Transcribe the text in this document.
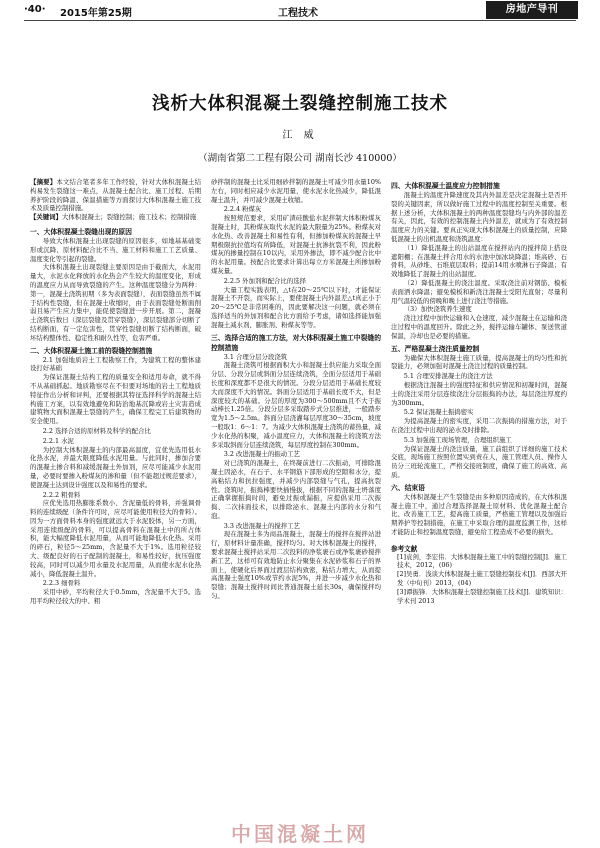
·40· 2015年第25期	工程技术	房地产导刊
浅析大体积混凝土裂缝控制施工技术
江 威
（湖南省第二工程有限公司 湖南长沙 410000）

【摘要】本文结合笔者多年工作经验，针对大体积混凝土结构易发生裂缝这一难点，从混凝土配合比、施工过程、后期养护阶段的降温、保温措施等方面探讨大体积混凝土施工技术及质量控制措施。

【关键词】大体积混凝土；裂缝控制；施工技术；控制措施

一、大体积混凝土裂缝出现的原因

导致大体积混凝土出现裂缝的原因很多，如地基基础变形或沉降、原材料配合比不当、施工材料和施工工艺质量、温度变化等引起的裂缝。

大体积混凝土出现裂缝主要原因是由于截面大，水泥用量大，水泥水化释放的水化热会产生较大的温度变化，形成的温度应力从而导致裂缝的产生。这种温度裂缝分为两种：第一，混凝土浇筑初期（多为表面裂缝），表面裂缝虽然不属于结构性裂缝，但在混凝土收缩时，由于表面裂缝处断面削弱且易产生应力集中，能促使裂缝进一步开展。第二，混凝土浇筑后数日（深层裂缝及贯穿裂缝），深层裂缝部分切断了结构断面，有一定危害性，贯穿性裂缝切断了结构断面，破坏结构整体性、稳定性和耐久性等，危害严重。

二、大体积混凝土施工前的裂缝控制措施
2.1 加强地质岩土工程勘察工作，为建筑工程的整体建设打好基础

为保证混凝土结构工程的质量安全和适用寿命，就不得不从基础抓起。地质勘察尽在不但要对场地的岩土工程地质特征作出分析和评判，还要根据其特征选择科学的混凝土结构施工方案，以有效地避免和防治地基沉降或岩土灾害造成建筑物大面积混凝土裂缝的产生，确保工程完工后建筑物的安全使用。

2.2 选择合适的原材料及科学的配合比
2.2.1 水泥

为控制大体积混凝土的内部最高温度，宜优先选用低水化热水泥，并最大限度降低水泥用量。与此同时，掺加合要的混凝土掺合料和减缓混凝土外加剂，应尽可能减少水泥用量，必要时要掺入粉煤灰的渗和量（但不能超过规范要求），使混凝土达到设计强度以及和易性的要求。

2.2.2 粗骨料

应优先选用热膨胀系数小、含泥量低的骨料，并强调骨料的连续级配（条件许可时，应尽可能使用粒径大的骨料）。因为一方面骨料本身的强度就远大于水泥胶体，另一方面，采用连续级配的骨料，可以提高骨料在混凝土中的所占体积，能大幅度降低水泥用量，从而可能地降低水化热。采用的碎石，粒径5～25mm，含泥量不大于1%。选用粒径较大、级配良好的石子配制的混凝土，和易性较好，抗压强度较高，同时可以减少用水量及水泥用量，从而使水泥水化热减小，降低混凝土温升。

2.2.3 细骨料

采用中砂，平均粒径大于0.5mm，含泥量不大于5。选用平均粒径较大的中、粗

砂拌制的混凝土比采用细砂拌制的混凝土可减少用水量10%左右，同时相应减少水泥用量，使水泥水化热减少，降低混凝土温升，并可减少混凝土收缩。

2.2.4 粉煤灰

按照规范要求，采用矿渣硅酸盐水泥拌制大体积粉煤灰混凝土时，其粉煤灰取代水泥的最大限量为25%。粉煤灰对水化热、改善混凝土和易性有利，但掺加粉煤灰的混凝土早期极限抗拉值均有所降低，对混凝土抗渗抗裂不利，因此粉煤灰的掺量控制在10以内，采用外掺法，即不减少配合比中的水泥用量。按配合比要求计算出每立方米混凝土所掺加粉煤灰量。

2.2.5 外加剂和配合比的选择

大量工程实践表明，△t在20～25℃以下时，才能保证混凝土不开裂，而实际上，要使混凝土内外温差△t真正小于20～25℃是非常困难的，因此要解决这一问题，就必须在选择适当的外加剂和配合比方面给予考虑，诸如选择能加强混凝土减水剂、膨胀剂、粉煤灰等等。

三、选择合适的施工方法，对大体积混凝土施工中裂缝的控制措施
3.1 合理分层分段浇筑

混凝土浇筑可根据面积大小和混凝土供应能力采取全面分层、分段分层或斜面分层连续浇筑，全面分层适用于基础长度和深度都不是很大的情况。分段分层适用于基础长度较大而深度不大的情况。斜面分层适用于基础长度不大，但是深度较大的基础。分层的厚度为300～500mm且不大于振动棒长1.25倍。分段分层多采取踏步式分层推进，一般踏步宽为1.5～2.5m。斜面分层浇灌每层厚度30～35cm，坡度一般取1：6～1：7。为减少大体积混凝土浇筑的蓄热量，减少水化热的积聚，减小温度应力，大体积混凝土的浇筑方法多采取斜面分层连续浇筑，每层厚度控制在300mm。

3.2 改进混凝土的振动工艺

对已浇筑的混凝土，在终凝前进行二次振动，可排除混凝土因泌水，在石子、水平钢筋下部形成的空隙和水分，提高粘结力和抗拉强度，并减少内部裂缝与气孔，提高抗裂性。浇筑时，振捣棒要快插慢拔，根据不同的混凝土坍落度正确掌握振捣时间，避免过振或漏振，应提倡采用二次振捣、二次抹面技术，以排除泌水、混凝土内部的水分和气泡。

3.3 改进混凝土的搅拌工艺

现在混凝土多为商品混凝土，混凝土的搅拌在搅拌站进行，原材料计量准确，搅拌均匀。对大体积混凝土的搅拌，要求混凝土搅拌站采用二次投料的净浆裹石或净浆裹砂搅拌新工艺，这样可有效地防止水分聚集在水泥砂浆和石子的界面上，使硬化后界面过渡层结构致密，粘结力增大，从而提高混凝土强度10%或节约水泥5%，并进一步减少水化热和裂缝；混凝土搅拌时间比普通混凝土延长30s，确保搅拌均匀。

四、大体积混凝土温度应力控制措施

混凝土的温度升降速度及其内外温差是决定混凝土是否开裂的关键因素，所以做好施工过程中的温度控制至关重要。根据上述分析，大体积混凝土的两种温度裂缝均与内外部的温差有关，因此，有效的控制混凝土内外温差，就成为了有效控制温度应力的关键。要真正实现大体积混凝土的质量控制，应降低混凝土的出机温度和浇筑温度：

（1）降低混凝土的出站温度在搅拌站内的搅拌筒上搭设遮阳棚；在混凝土拌合用水的水池中加冰块降温；堆高砂、石骨料，从砂堆、石堆底层取料；提前14用水喷淋石子降温；有效地降低了混凝土的出站温度。

（2）降低混凝土的浇注温度。采取浇注前对钢筋、模板表面洒水降温；避免模板和新浇注混凝土受阳光直射；尽量利用气温较低的傍晚和晚上进行浇注等措施。

（3）加快浇筑养生速度

浇注过程中加快运输和入仓速度，减少混凝土在运输和浇注过程中的温度回升。除此之外，搅拌运输车罐体、泵送管道保温，冷却也是必要的措施。

五、严格混凝土浇注质量控制

为确保大体积混凝土施工质量，提高混凝土的均匀性和抗裂能力，必须加强对混凝土浇注过程的质量控制。

5.1 合理安排混凝土的浇注方法

根据浇注混凝土的强度特征和供应情况和初凝时间，混凝土的浇注采用分层连续浇注分层振捣的办法，每层浇注厚度约为300mm。

5.2 保证混凝土振捣密实

为提高混凝土的密实度，采用二次振捣的措施方法，对于在浇注过程中出现的泌水及时排除。

5.3 加强施工现场管理，合理组织施工

为保证混凝土的浇注质量，施工前组织了详细的施工技术交底，现场施工按照位置实到责在人，施工管理人员、操作人员分三班轮流施工，严格交接班制度，确保了施工的高效、高质。

六、结束语

大体积混凝土产生裂缝是由多种原因造成的，在大体积混凝土施工中，通过合理选择混凝土原材料、优化混凝土配合比、改善施工工艺，提高施工质量，严格施工管理以及加强后期养护等控制措施，在施工中采取合理的温度监测工作，这样才能防止和控制温度裂缝，避免给工程造成不必要的损失。

参考文献

[1]袁剑，李宏伟．大体积混凝土施工中的裂缝控制[J]．施工技术，2012，(06)

[2]吴勇．浅谈大体积混凝土施工裂缝控制技术[J]．西部大开发（中旬刊）2013，(04)

[3]谭振锋．大体积混凝土裂缝控制施工技术[J]．建筑知识：学术刊 2013

中国混凝土网
